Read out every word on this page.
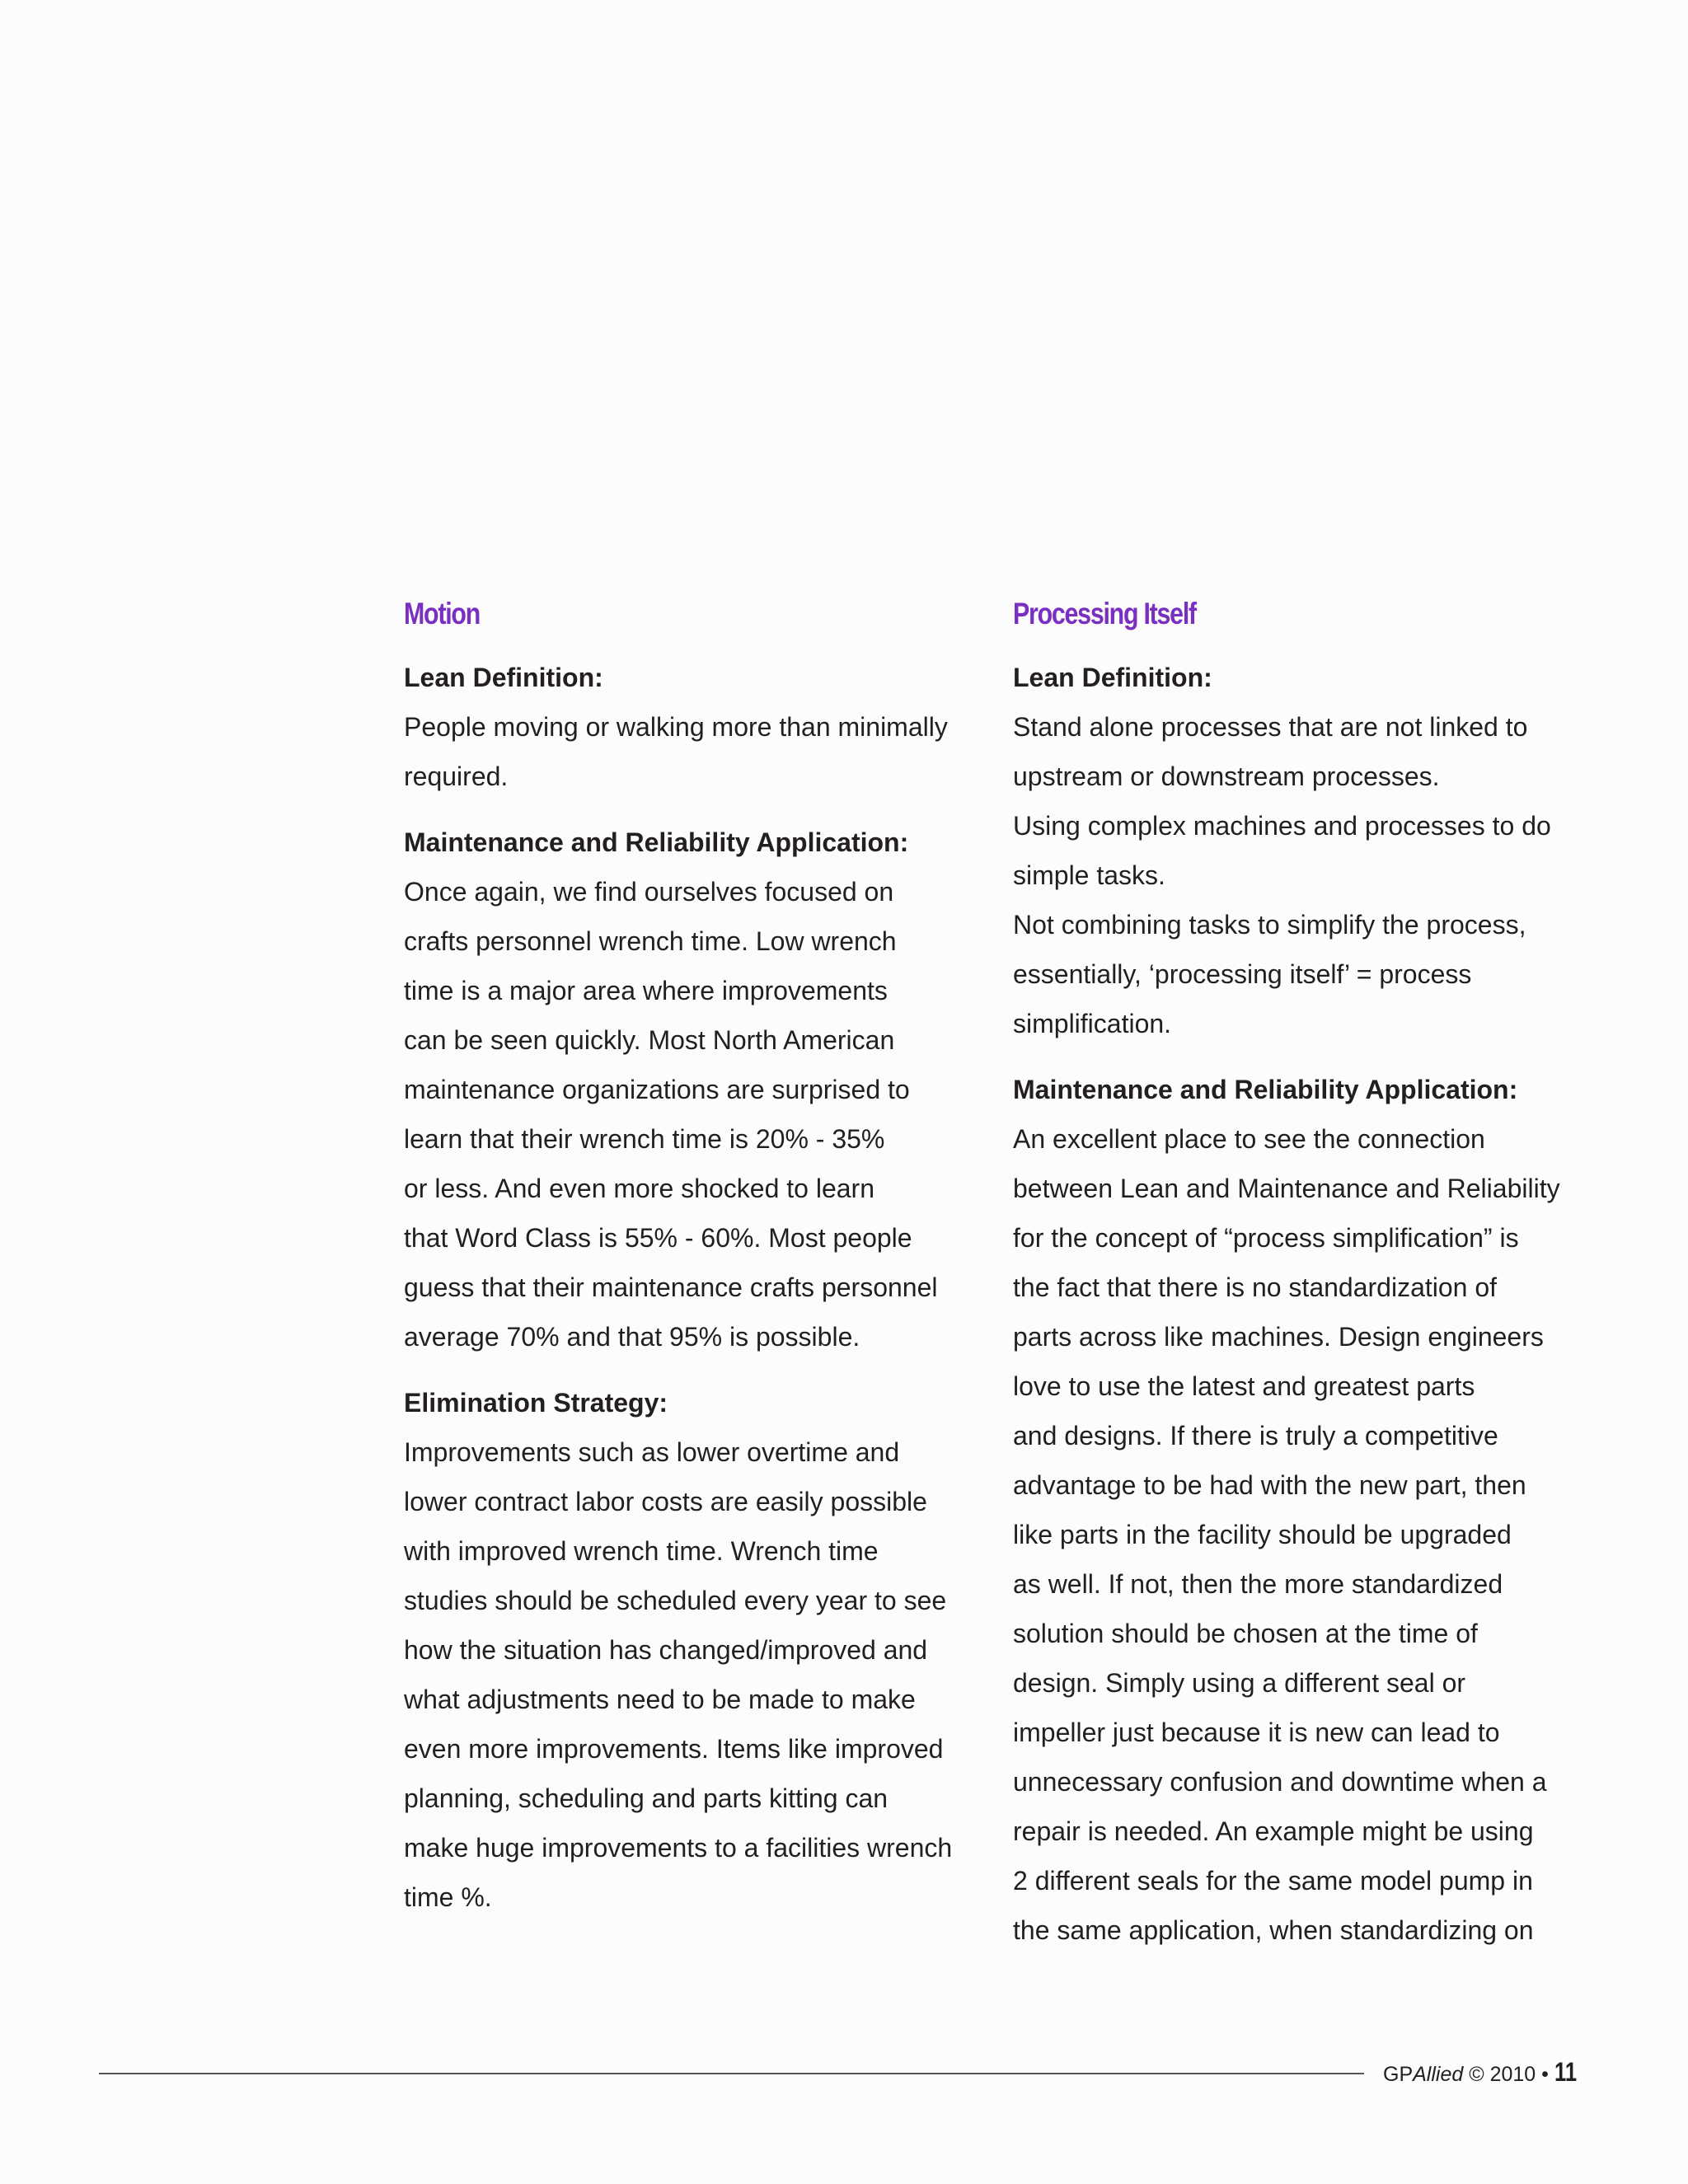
Motion
Lean Definition:
People moving or walking more than minimally
required.
Maintenance and Reliability Application:
Once again, we find ourselves focused on
crafts personnel wrench time. Low wrench
time is a major area where improvements
can be seen quickly. Most North American
maintenance organizations are surprised to
learn that their wrench time is 20% - 35%
or less. And even more shocked to learn
that Word Class is 55% - 60%. Most people
guess that their maintenance crafts personnel
average 70% and that 95% is possible.
Elimination Strategy:
Improvements such as lower overtime and
lower contract labor costs are easily possible
with improved wrench time. Wrench time
studies should be scheduled every year to see
how the situation has changed/improved and
what adjustments need to be made to make
even more improvements. Items like improved
planning, scheduling and parts kitting can
make huge improvements to a facilities wrench
time %.
Processing Itself
Lean Definition:
Stand alone processes that are not linked to
upstream or downstream processes.
Using complex machines and processes to do
simple tasks.
Not combining tasks to simplify the process,
essentially, ‘processing itself’ = process
simplification.
Maintenance and Reliability Application:
An excellent place to see the connection
between Lean and Maintenance and Reliability
for the concept of “process simplification” is
the fact that there is no standardization of
parts across like machines. Design engineers
love to use the latest and greatest parts
and designs. If there is truly a competitive
advantage to be had with the new part, then
like parts in the facility should be upgraded
as well. If not, then the more standardized
solution should be chosen at the time of
design. Simply using a different seal or
impeller just because it is new can lead to
unnecessary confusion and downtime when a
repair is needed. An example might be using
2 different seals for the same model pump in
the same application, when standardizing on
GPAllied © 2010 • 11
